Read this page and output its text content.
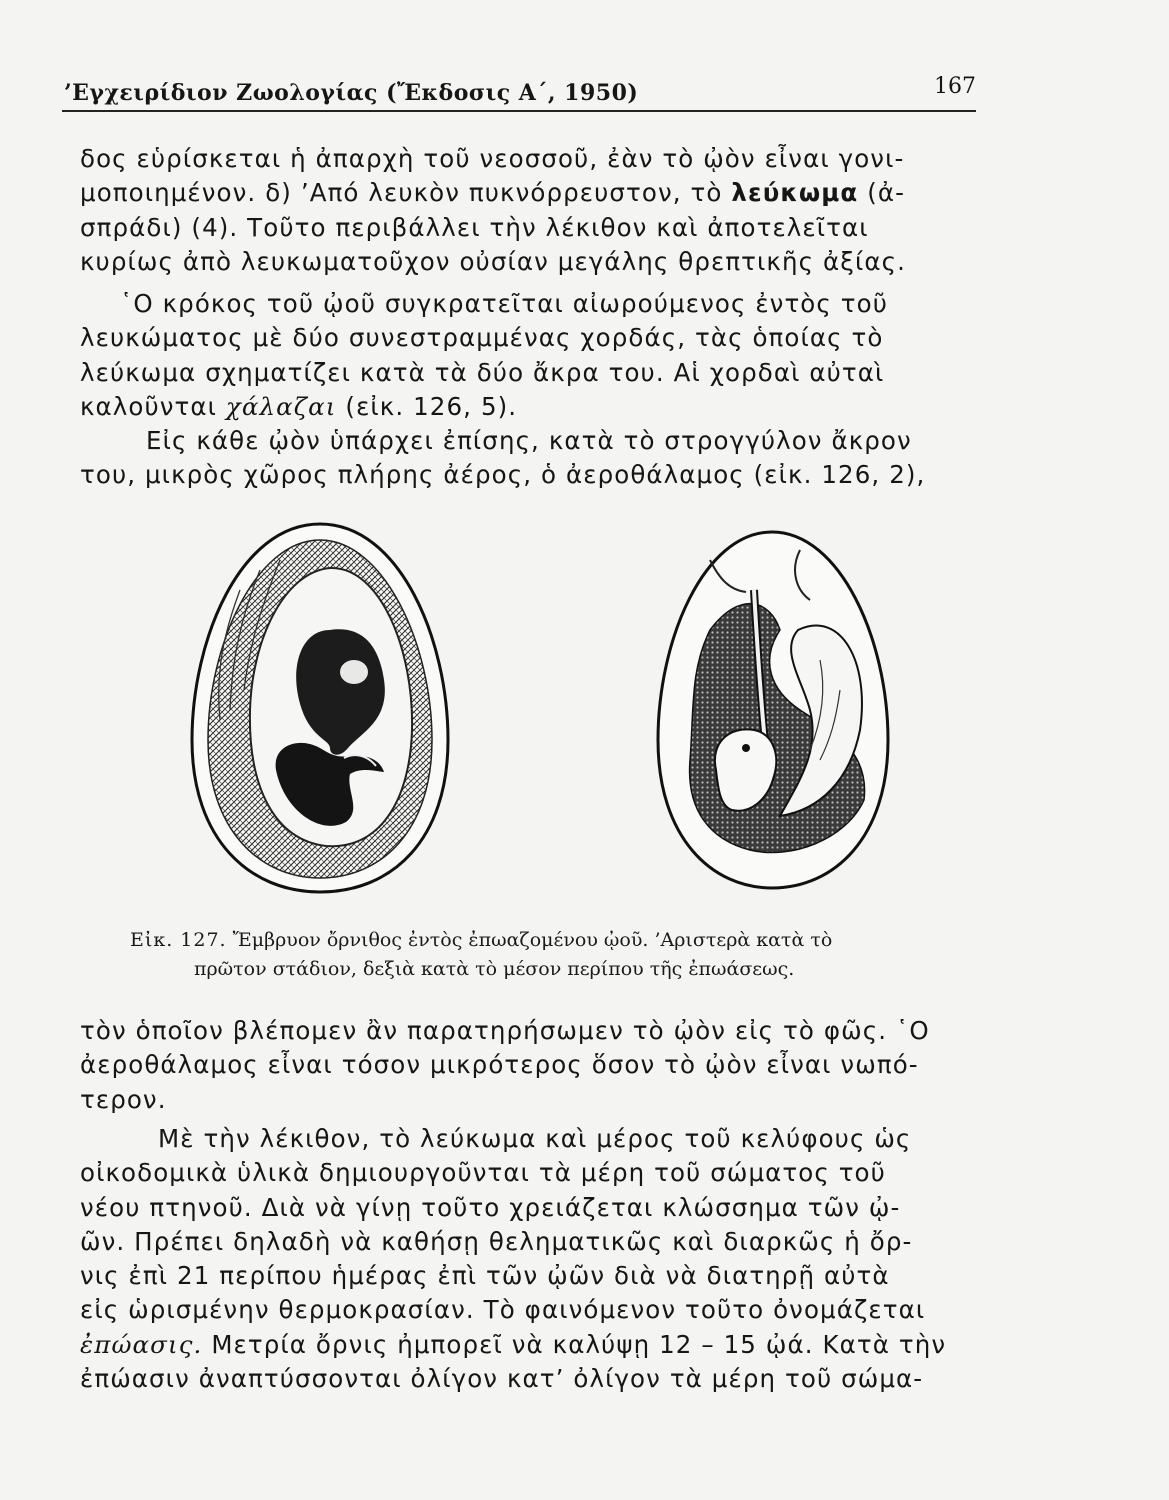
’Εγχειρίδιον Ζωολογίας (Ἔκδοσις Α΄, 1950)	167

δος εὑρίσκεται ἡ ἀπαρχὴ τοῦ νεοσσοῦ, ἐὰν τὸ ᾠὸν εἶναι γονι-
μοποιημένον. δ) ’Από λευκὸν πυκνόρρευστον, τὸ λεύκωμα (ἀ-
σπράδι) (4). Τοῦτο περιβάλλει τὴν λέκιθον καὶ ἀποτελεῖται
κυρίως ἀπὸ λευκωματοῦχον οὐσίαν μεγάλης θρεπτικῆς ἀξίας.

῾Ο κρόκος τοῦ ᾠοῦ συγκρατεῖται αἰωρούμενος ἐντὸς τοῦ
λευκώματος μὲ δύο συνεστραμμένας χορδάς, τὰς ὁποίας τὸ
λεύκωμα σχηματίζει κατὰ τὰ δύο ἄκρα του. Αἱ χορδαὶ αὐταὶ
καλοῦνται χάλαζαι (εἰκ. 126, 5).

Εἰς κάθε ᾠὸν ὑπάρχει ἐπίσης, κατὰ τὸ στρογγύλον ἄκρον
του, μικρὸς χῶρος πλήρης ἀέρος, ὁ ἀεροθάλαμος (εἰκ. 126, 2),

Εἰκ. 127. Ἔμβρυον ὄρνιθος ἐντὸς ἐπωαζομένου ᾠοῦ. ’Αριστερὰ κατὰ τὸ
πρῶτον στάδιον, δεξιὰ κατὰ τὸ μέσον περίπου τῆς ἐπωάσεως.

τὸν ὁποῖον βλέπομεν ἂν παρατηρήσωμεν τὸ ᾠὸν εἰς τὸ φῶς. ῾Ο
ἀεροθάλαμος εἶναι τόσον μικρότερος ὅσον τὸ ᾠὸν εἶναι νωπό-
τερον.

Μὲ τὴν λέκιθον, τὸ λεύκωμα καὶ μέρος τοῦ κελύφους ὡς
οἰκοδομικὰ ὑλικὰ δημιουργοῦνται τὰ μέρη τοῦ σώματος τοῦ
νέου πτηνοῦ. Διὰ νὰ γίνῃ τοῦτο χρειάζεται κλώσσημα τῶν ᾠ-
ῶν. Πρέπει δηλαδὴ νὰ καθήσῃ θεληματικῶς καὶ διαρκῶς ἡ ὄρ-
νις ἐπὶ 21 περίπου ἡμέρας ἐπὶ τῶν ᾠῶν διὰ νὰ διατηρῇ αὐτὰ
εἰς ὡρισμένην θερμοκρασίαν. Τὸ φαινόμενον τοῦτο ὀνομάζεται
ἐπώασις. Μετρία ὄρνις ἠμπορεῖ νὰ καλύψῃ 12 – 15 ᾠά. Κατὰ τὴν
ἐπώασιν ἀναπτύσσονται ὀλίγον κατ’ ὀλίγον τὰ μέρη τοῦ σώμα-
